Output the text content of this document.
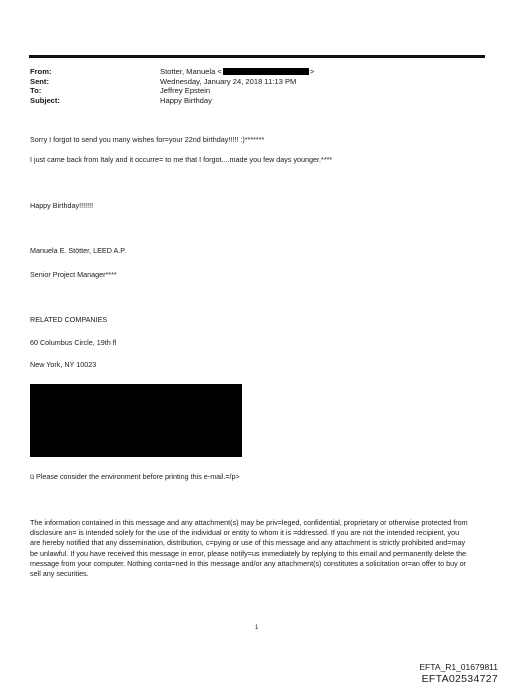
From:	Stotter, Manuela <	>
Sent:	Wednesday, January 24, 2018 11:13 PM
To:	Jeffrey Epstein
Subject:	Happy Birthday
Sorry I forgot to send you many wishes for=your 22nd birthday!!!!! :)*******
I just came back from Italy and it occurre= to me that I forgot....made you few days younger.****
Happy Birthday!!!!!!!
Manuela E. Stötter, LEED A.P.
Senior Project Manager****
RELATED COMPANIES
60 Columbus Circle, 19th fl
New York, NY 10023
ü Please consider the environment before printing this e-mail.=/p>
The information contained in this message and any attachment(s) may be priv=leged, confidential, proprietary or otherwise protected from disclosure an= is intended solely for the use of the individual or entity to whom it is =ddressed. If you are not the intended recipient, you are hereby notified that any dissemination, distribution, c=pying or use of this message and any attachment is strictly prohibited and=may be unlawful. If you have received this message in error, please notify=us immediately by replying to this email and permanently delete the message from your computer. Nothing conta=ned in this message and/or any attachment(s) constitutes a solicitation or=an offer to buy or sell any securities.
1
EFTA_R1_01679811
EFTA02534727
